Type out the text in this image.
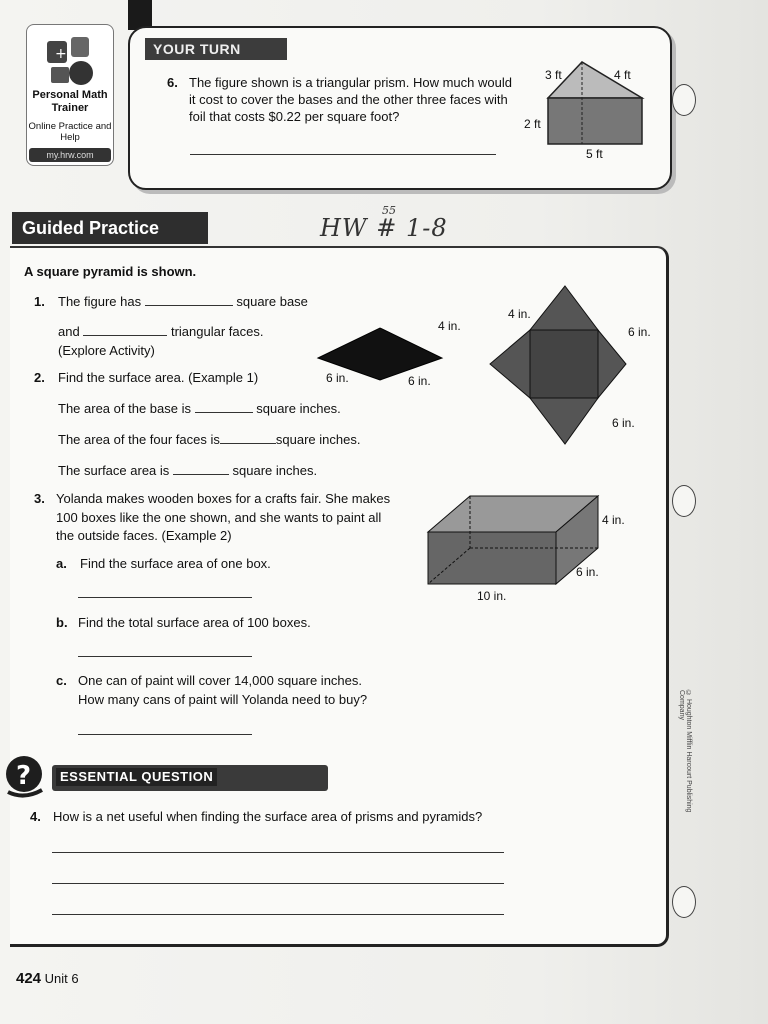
+
Personal Math Trainer
Online Practice and Help
my.hrw.com
YOUR TURN
6. The figure shown is a triangular prism. How much would it cost to cover the bases and the other three faces with foil that costs $0.22 per square foot?
3 ft	4 ft
2 ft
5 ft
Guided Practice	HW # 1-8
55
A square pyramid is shown.
1. The figure has	square base
and	triangular faces.
(Explore Activity)
2. Find the surface area. (Example 1)
The area of the base is	square inches.
The area of the four faces is	square inches.
The surface area is	square inches.
4 in.
6 in.	6 in.
4 in.
6 in.
6 in.
3. Yolanda makes wooden boxes for a crafts fair. She makes
100 boxes like the one shown, and she wants to paint all
the outside faces. (Example 2)
a. Find the surface area of one box.
b. Find the total surface area of 100 boxes.
c. One can of paint will cover 14,000 square inches.
How many cans of paint will Yolanda need to buy?
4 in.
6 in.
10 in.
?	ESSENTIAL QUESTION
4. How is a net useful when finding the surface area of prisms and pyramids?
© Houghton Mifflin Harcourt Publishing Company
424 Unit 6
